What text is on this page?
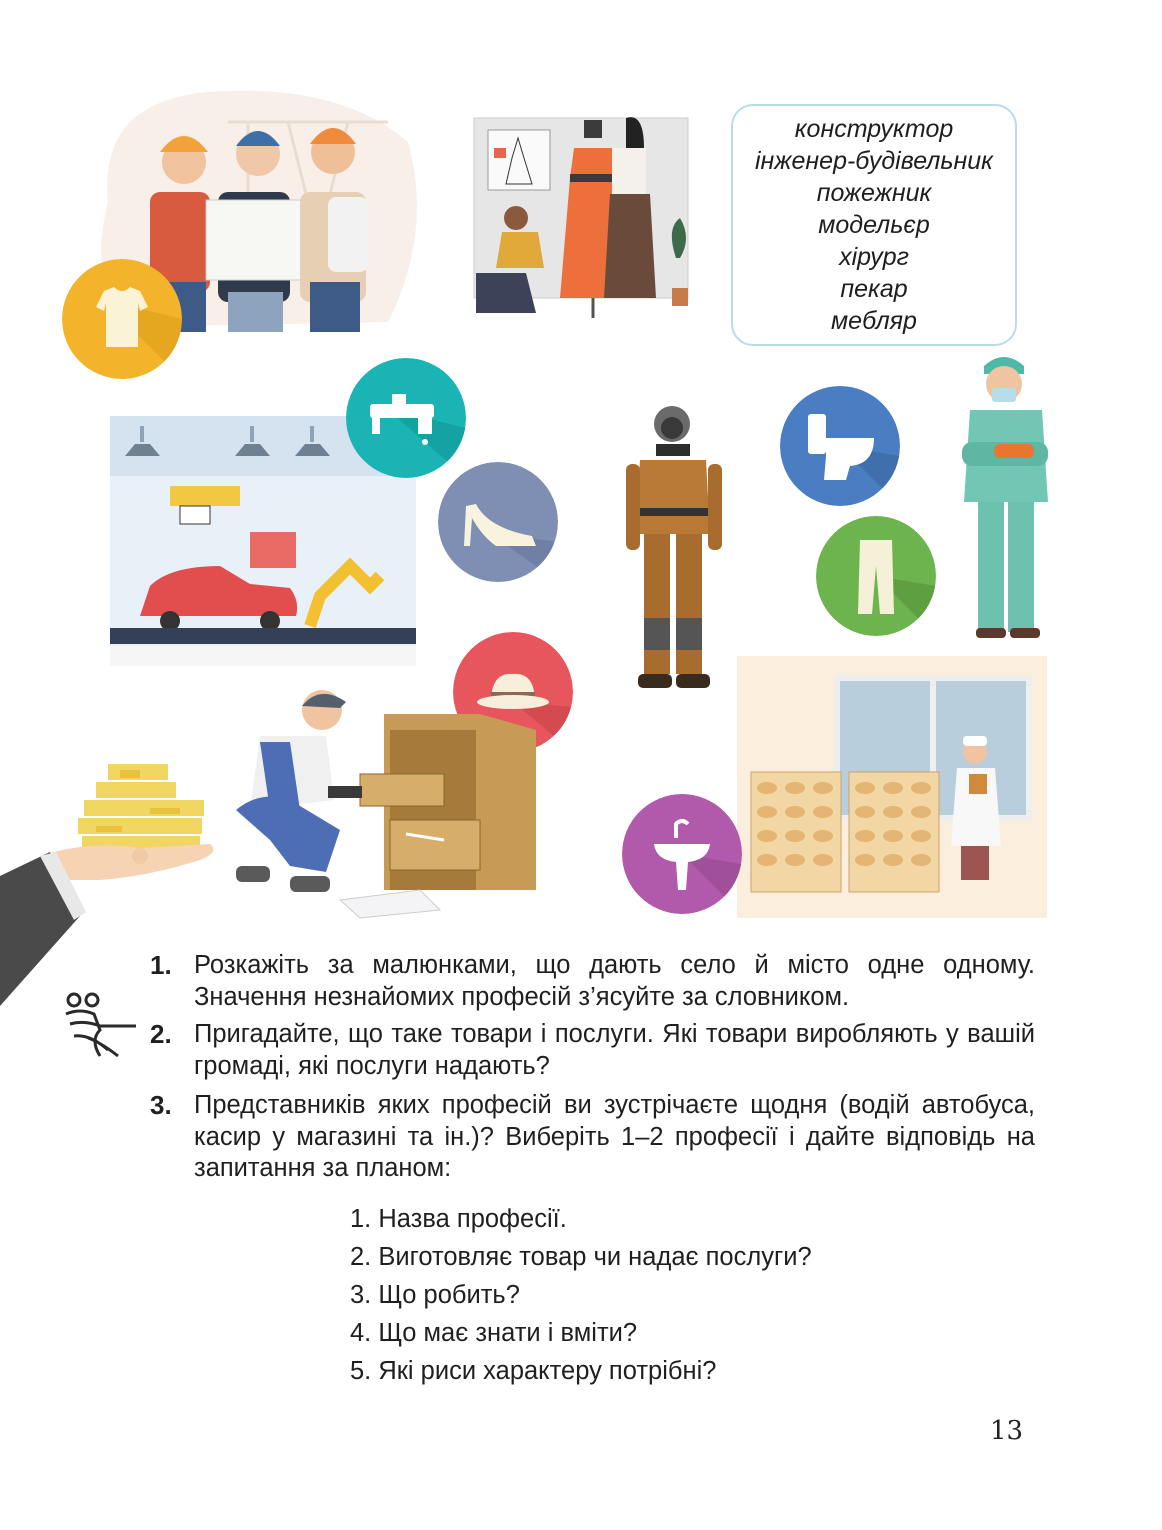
конструктор
інженер-будівельник
пожежник
модельєр
хірург
пекар
мебляр
1. Розкажіть за малюнками, що дають село й місто одне одному. Значення незнайомих професій з’ясуйте за словником.
2. Пригадайте, що таке товари і послуги. Які товари виробляють у вашій громаді, які послуги надають?
3. Представників яких професій ви зустрічаєте щодня (водій автобуса, касир у магазині та ін.)? Виберіть 1–2 професії і дайте відповідь на запитання за планом:
1. Назва професії.
2. Виготовляє товар чи надає послуги?
3. Що робить?
4. Що має знати і вміти?
5. Які риси характеру потрібні?
13
